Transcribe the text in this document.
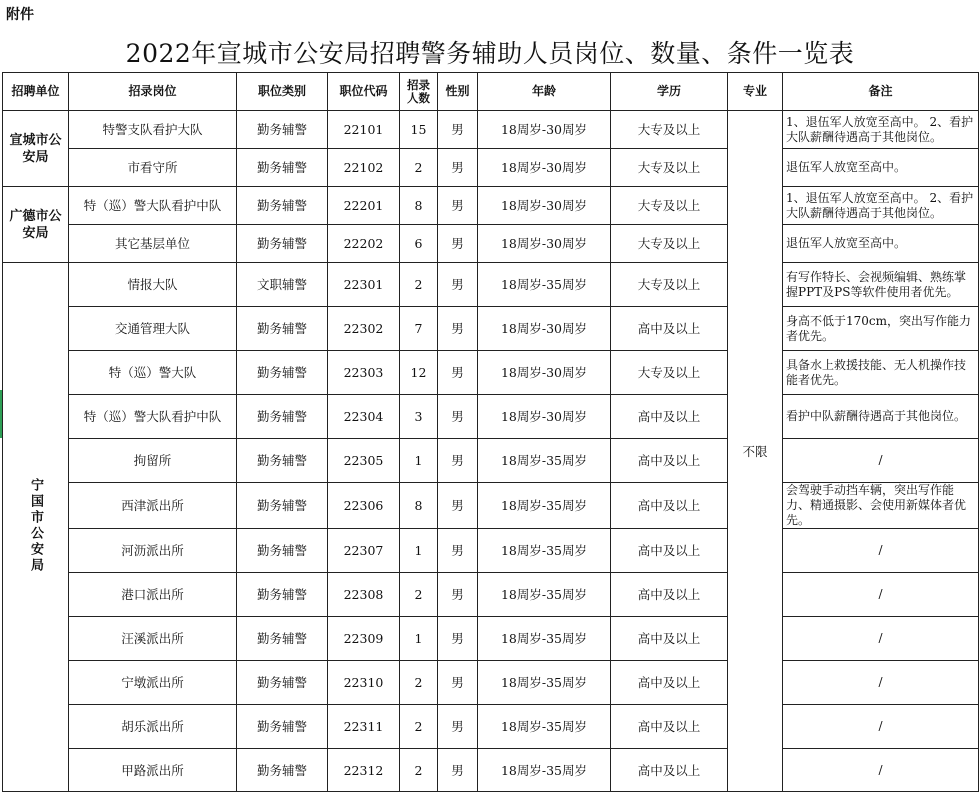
附件
2022年宣城市公安局招聘警务辅助人员岗位、数量、条件一览表
招聘单位	招录岗位	职位类别	职位代码	招录人数	性别	年龄	学历	专业	备注
宣城市公安局	特警支队看护大队	勤务辅警	22101	15	男	18周岁-30周岁	大专及以上	不限	1、退伍军人放宽至高中。 2、看护大队薪酬待遇高于其他岗位。
	市看守所	勤务辅警	22102	2	男	18周岁-30周岁	大专及以上		退伍军人放宽至高中。
广德市公安局	特（巡）警大队看护中队	勤务辅警	22201	8	男	18周岁-30周岁	大专及以上		1、退伍军人放宽至高中。 2、看护大队薪酬待遇高于其他岗位。
	其它基层单位	勤务辅警	22202	6	男	18周岁-30周岁	大专及以上		退伍军人放宽至高中。
宁国市公安局	情报大队	文职辅警	22301	2	男	18周岁-35周岁	大专及以上		有写作特长、会视频编辑、熟练掌握PPT及PS等软件使用者优先。
	交通管理大队	勤务辅警	22302	7	男	18周岁-30周岁	高中及以上		身高不低于170cm，突出写作能力者优先。
	特（巡）警大队	勤务辅警	22303	12	男	18周岁-30周岁	大专及以上		具备水上救援技能、无人机操作技能者优先。
	特（巡）警大队看护中队	勤务辅警	22304	3	男	18周岁-30周岁	高中及以上		看护中队薪酬待遇高于其他岗位。
	拘留所	勤务辅警	22305	1	男	18周岁-35周岁	高中及以上		/
	西津派出所	勤务辅警	22306	8	男	18周岁-35周岁	高中及以上		会驾驶手动挡车辆，突出写作能力、精通摄影、会使用新媒体者优先。
	河沥派出所	勤务辅警	22307	1	男	18周岁-35周岁	高中及以上		/
	港口派出所	勤务辅警	22308	2	男	18周岁-35周岁	高中及以上		/
	汪溪派出所	勤务辅警	22309	1	男	18周岁-35周岁	高中及以上		/
	宁墩派出所	勤务辅警	22310	2	男	18周岁-35周岁	高中及以上		/
	胡乐派出所	勤务辅警	22311	2	男	18周岁-35周岁	高中及以上		/
	甲路派出所	勤务辅警	22312	2	男	18周岁-35周岁	高中及以上		/
